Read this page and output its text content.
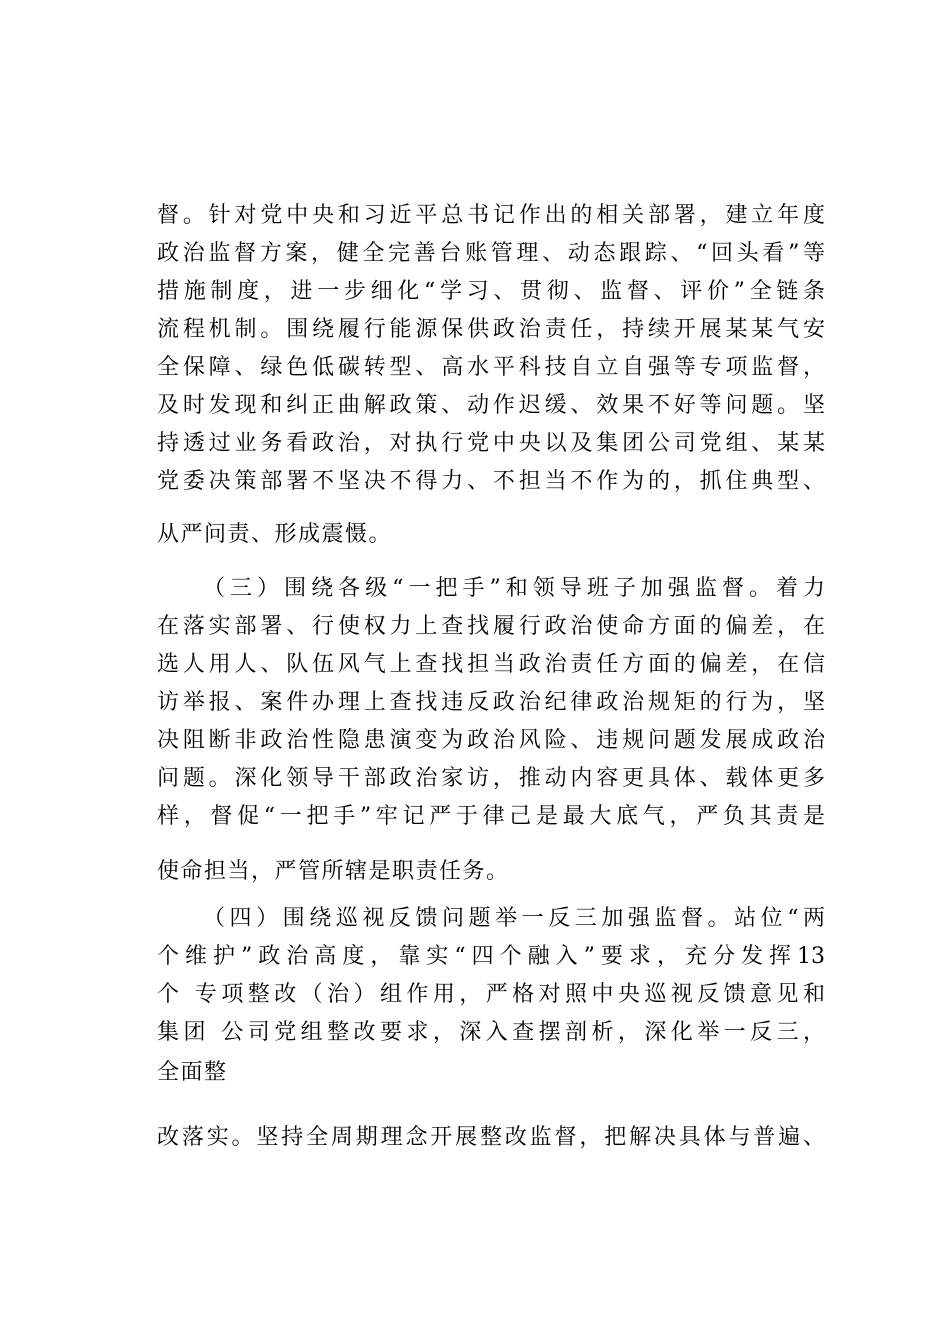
督。针对党中央和习近平总书记作出的相关部署，建立年度
政治监督方案，健全完善台账管理、动态跟踪、“回头看”等
措施制度，进一步细化“学习、贯彻、监督、评价”全链条
流程机制。围绕履行能源保供政治责任，持续开展某某气安
全保障、绿色低碳转型、高水平科技自立自强等专项监督，
及时发现和纠正曲解政策、动作迟缓、效果不好等问题。坚
持透过业务看政治，对执行党中央以及集团公司党组、某某
党委决策部署不坚决不得力、不担当不作为的，抓住典型、
从严问责、形成震慑。
（三）围绕各级“一把手”和领导班子加强监督。着力
在落实部署、行使权力上查找履行政治使命方面的偏差，在
选人用人、队伍风气上查找担当政治责任方面的偏差，在信
访举报、案件办理上查找违反政治纪律政治规矩的行为，坚
决阻断非政治性隐患演变为政治风险、违规问题发展成政治
问题。深化领导干部政治家访，推动内容更具体、载体更多
样，督促“一把手”牢记严于律己是最大底气，严负其责是
使命担当，严管所辖是职责任务。
（四）围绕巡视反馈问题举一反三加强监督。站位“两
个维护”政治高度，靠实“四个融入”要求，充分发挥13
个 专项整改（治）组作用，严格对照中央巡视反馈意见和
集团 公司党组整改要求，深入查摆剖析，深化举一反三，
全面整
改落实。坚持全周期理念开展整改监督，把解决具体与普遍、
